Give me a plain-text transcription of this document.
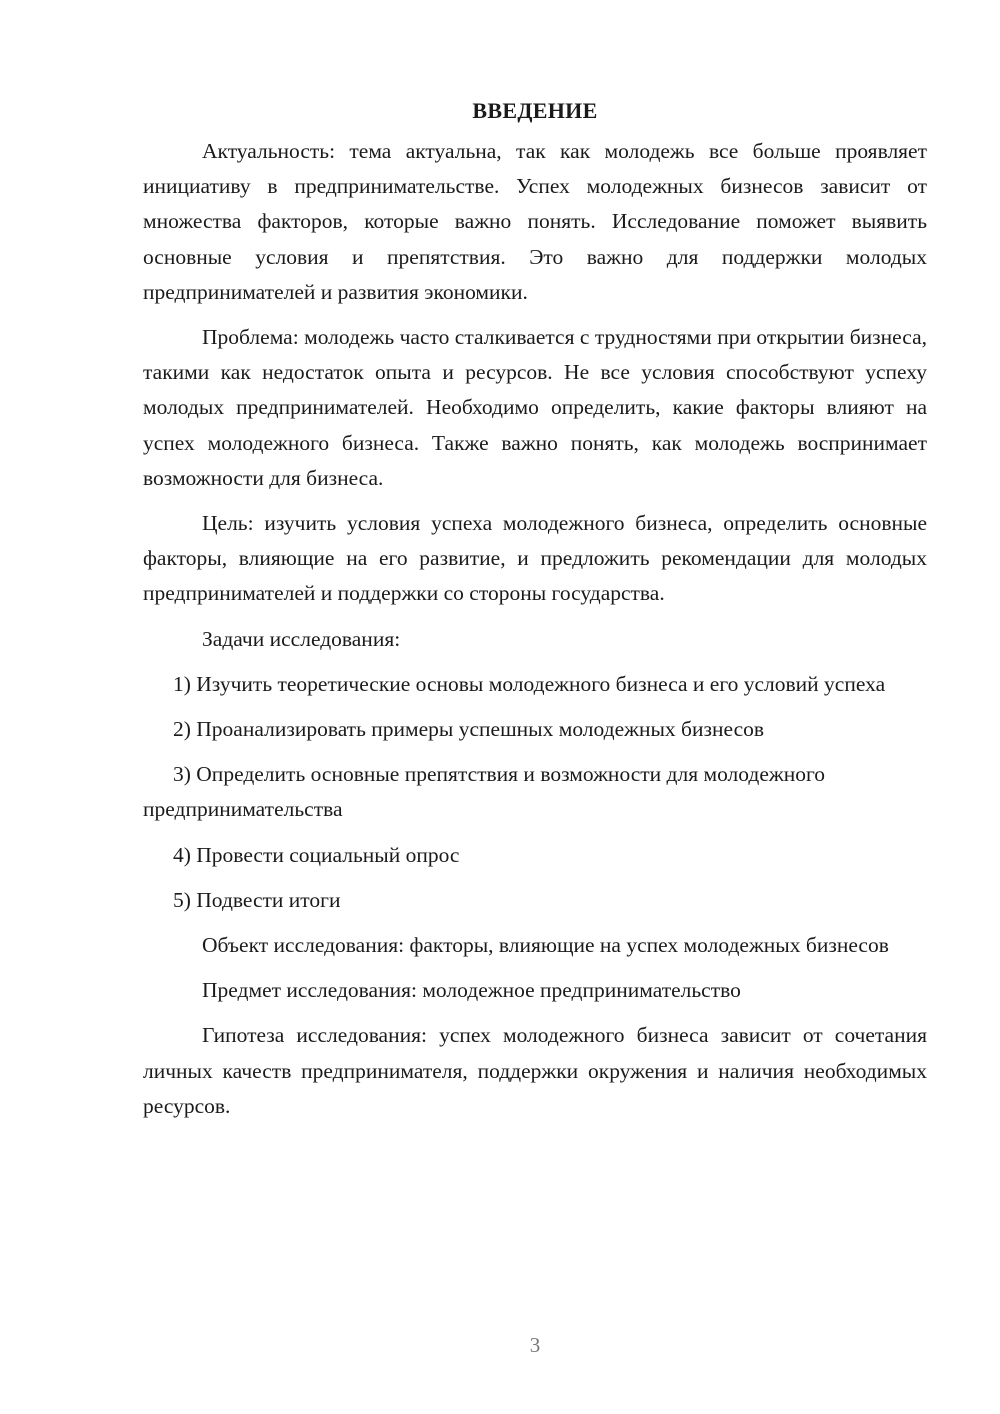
ВВЕДЕНИЕ

Актуальность: тема актуальна, так как молодежь все больше проявляет инициативу в предпринимательстве. Успех молодежных бизнесов зависит от множества факторов, которые важно понять. Исследование поможет выявить основные условия и препятствия. Это важно для поддержки молодых предпринимателей и развития экономики.

Проблема: молодежь часто сталкивается с трудностями при открытии бизнеса, такими как недостаток опыта и ресурсов. Не все условия способствуют успеху молодых предпринимателей. Необходимо определить, какие факторы влияют на успех молодежного бизнеса. Также важно понять, как молодежь воспринимает возможности для бизнеса.

Цель: изучить условия успеха молодежного бизнеса, определить основные факторы, влияющие на его развитие, и предложить рекомендации для молодых предпринимателей и поддержки со стороны государства.

Задачи исследования:

1) Изучить теоретические основы молодежного бизнеса и его условий успеха

2) Проанализировать примеры успешных молодежных бизнесов

3) Определить основные препятствия и возможности для молодежного предпринимательства

4) Провести социальный опрос

5) Подвести итоги

Объект исследования: факторы, влияющие на успех молодежных бизнесов

Предмет исследования: молодежное предпринимательство

Гипотеза исследования: успех молодежного бизнеса зависит от сочетания личных качеств предпринимателя, поддержки окружения и наличия необходимых ресурсов.

3
